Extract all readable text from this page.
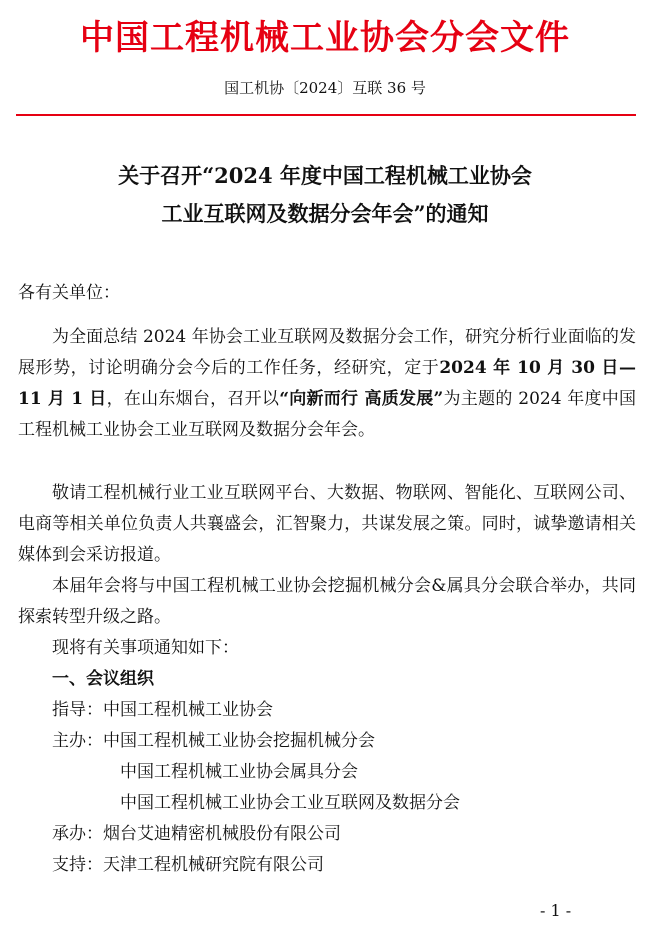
中国工程机械工业协会分会文件
国工机协〔2024〕互联 36 号
关于召开“2024 年度中国工程机械工业协会
工业互联网及数据分会年会”的通知
各有关单位：

为全面总结 2024 年协会工业互联网及数据分会工作，研究分析行业面临的发展形势，讨论明确分会今后的工作任务，经研究，定于2024 年 10 月 30 日—11 月 1 日，在山东烟台，召开以“向新而行 高质发展”为主题的 2024 年度中国工程机械工业协会工业互联网及数据分会年会。

敬请工程机械行业工业互联网平台、大数据、物联网、智能化、互联网公司、电商等相关单位负责人共襄盛会，汇智聚力，共谋发展之策。同时，诚挚邀请相关媒体到会采访报道。

本届年会将与中国工程机械工业协会挖掘机械分会&属具分会联合举办，共同探索转型升级之路。

现将有关事项通知如下：
一、会议组织
指导：中国工程机械工业协会
主办：中国工程机械工业协会挖掘机械分会
中国工程机械工业协会属具分会
中国工程机械工业协会工业互联网及数据分会
承办：烟台艾迪精密机械股份有限公司
支持：天津工程机械研究院有限公司
- 1 -
